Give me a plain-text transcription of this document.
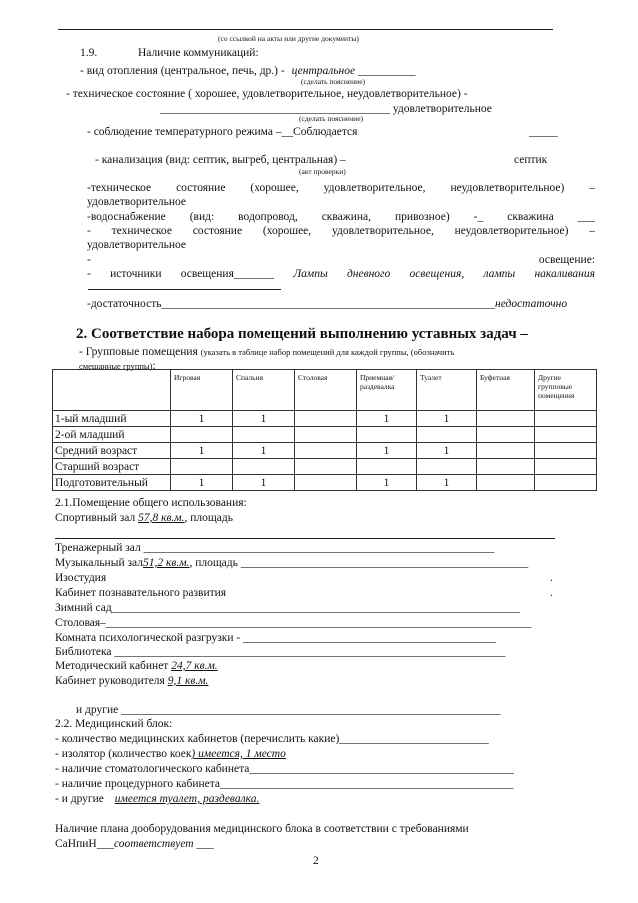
(со ссылкой на акты или другие документы)
1.9.	Наличие коммуникаций:
- вид отопления (центральное, печь, др.) - центральное __________
(сделать пояснение)
- техническое состояние ( хорошее, удовлетворительное, неудовлетворительное) -
________________________________________ удовлетворительное
(сделать пояснение)
- соблюдение температурного режима –__Соблюдается	_____
- канализация (вид: септик, выгреб, центральная) –	септик
(акт проверки)
-техническое состояние (хорошее, удовлетворительное, неудовлетворительное) –
удовлетворительное
-водоснабжение (вид: водопровод, скважина, привозное) -_ скважина ___
- техническое состояние (хорошее, удовлетворительное, неудовлетворительное) –
удовлетворительное
-	освещение:
- источники освещения_______ Лампы дневного освещения, лампы накаливания
-достаточность__________________________________________________________недостаточно
2. Соответствие набора помещений выполнению уставных задач –
- Групповые помещения (указать в таблице набор помещений для каждой группы, (обозначить
смешанные группы):
	Игровая	Спальня	Столовая	Приемная/ раздевалка	Туалет	Буфетная	Другие групповые помещения
1-ый младший	1	1		1	1		
2-ой младший							
Средний возраст	1	1		1	1		
Старший возраст							
Подготовительный	1	1		1	1		
2.1.Помещение общего использования:
Спортивный зал 57,8 кв.м., площадь
Тренажерный зал _____________________________________________________________
Музыкальный зал51,2 кв.м., площадь __________________________________________________
Изостудия	.
Кабинет познавательного развития	.
Зимний сад_______________________________________________________________________
Столовая–__________________________________________________________________________
Комната психологической разгрузки - ____________________________________________
Библиотека ____________________________________________________________________
Методический кабинет 24,7 кв.м.
Кабинет руководителя 9,1 кв.м.
и другие __________________________________________________________________
2.2. Медицинский блок:
- количество медицинских кабинетов (перечислить какие)__________________________
- изолятор (количество коек) имеется, 1 место
- наличие стоматологического кабинета______________________________________________
- наличие процедурного кабинета___________________________________________________
- и другие имеется туалет, раздевалка.
Наличие плана дооборудования медицинского блока в соответствии с требованиями
СаНпиН___соответствует ___
2
